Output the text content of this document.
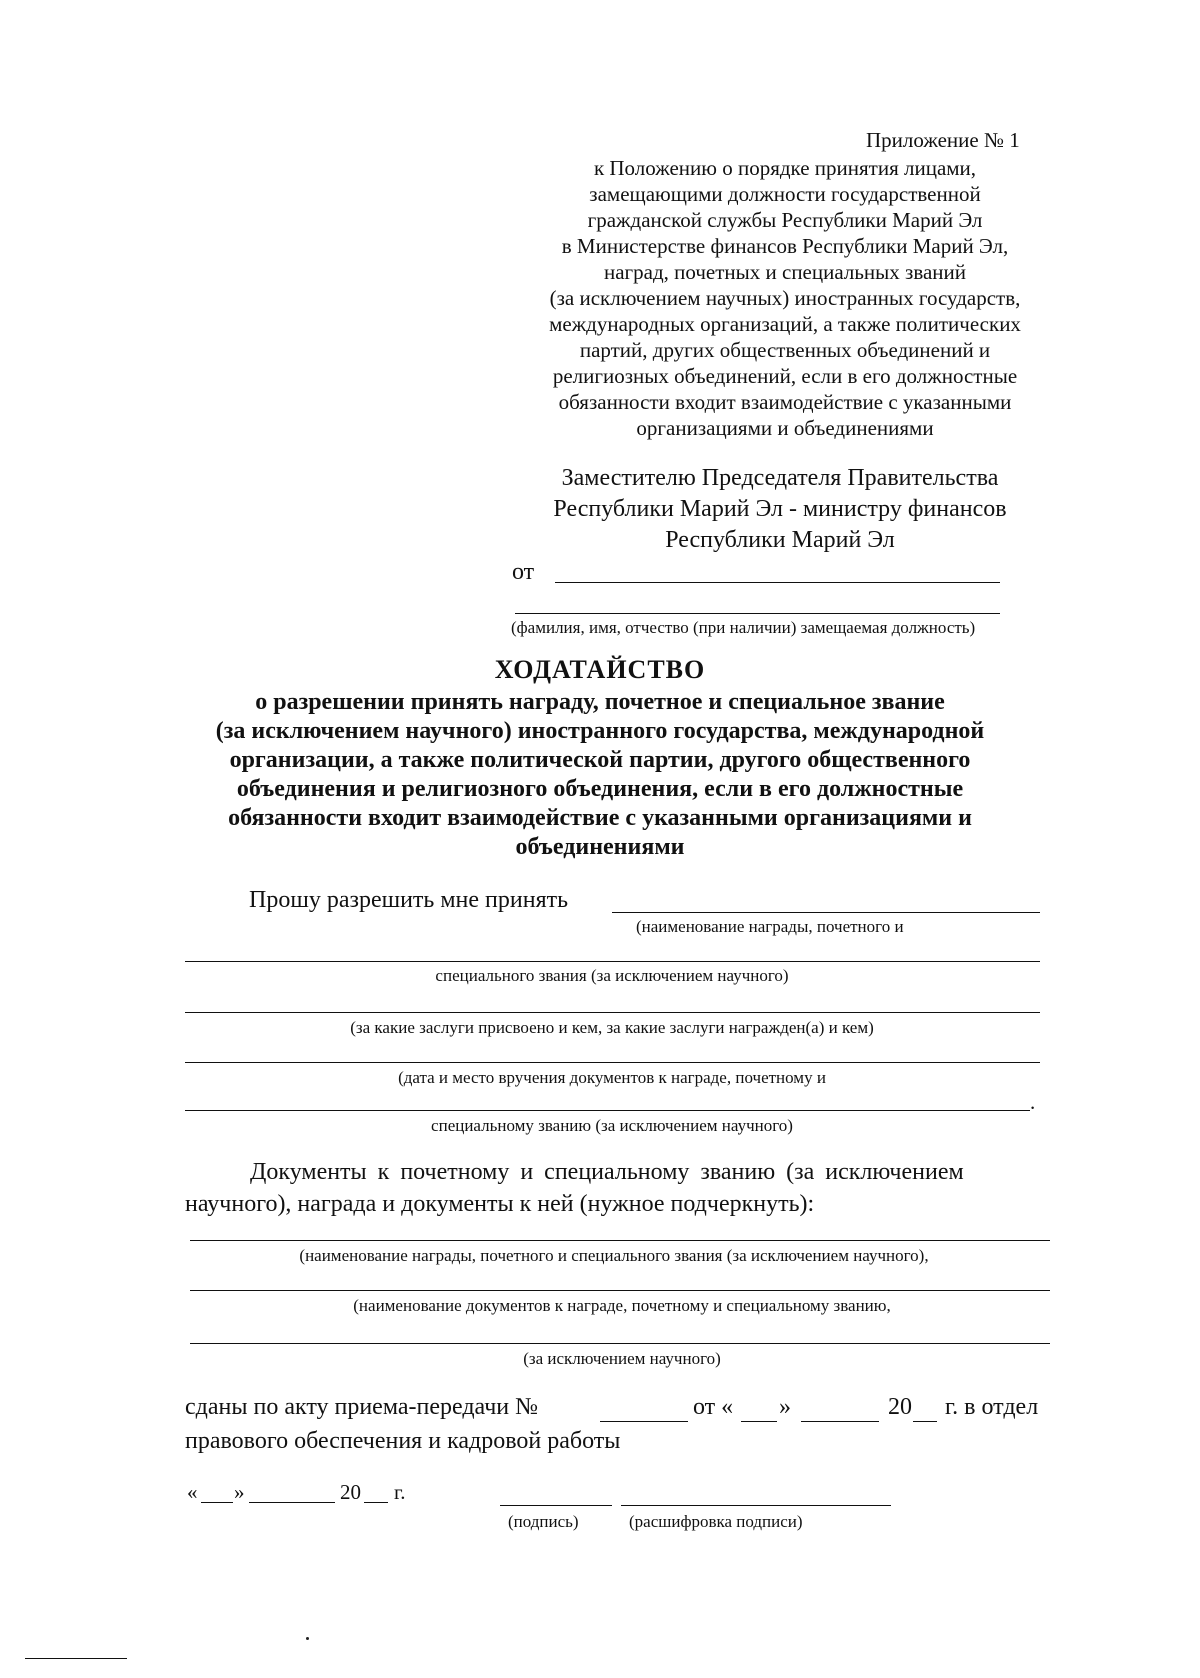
Приложение № 1
к Положению о порядке принятия лицами,
замещающими должности государственной
гражданской службы Республики Марий Эл
в Министерстве финансов Республики Марий Эл,
наград, почетных и специальных званий
(за исключением научных) иностранных государств,
международных организаций, а также политических
партий, других общественных объединений и
религиозных объединений, если в его должностные
обязанности входит взаимодействие с указанными
организациями и объединениями
Заместителю Председателя Правительства
Республики Марий Эл - министру финансов
Республики Марий Эл
от
(фамилия, имя, отчество (при наличии) замещаемая должность)
ХОДАТАЙСТВО
о разрешении принять награду, почетное и специальное звание
(за исключением научного) иностранного государства, международной
организации, а также политической партии, другого общественного
объединения и религиозного объединения, если в его должностные
обязанности входит взаимодействие с указанными организациями и
объединениями
Прошу разрешить мне принять
(наименование награды, почетного и
специального звания (за исключением научного)
(за какие заслуги присвоено и кем, за какие заслуги награжден(а) и кем)
(дата и место вручения документов к награде, почетному и
.
специальному званию (за исключением научного)
Документы к почетному и специальному званию (за исключением
научного), награда и документы к ней (нужное подчеркнуть):
(наименование награды, почетного и специального звания (за исключением научного),
(наименование документов к награде, почетному и специальному званию,
(за исключением научного)
сданы по акту приема-передачи №	от « »	20 г. в отдел
правового обеспечения и кадровой работы
« »	20 г.
(подпись)	(расшифровка подписи)
